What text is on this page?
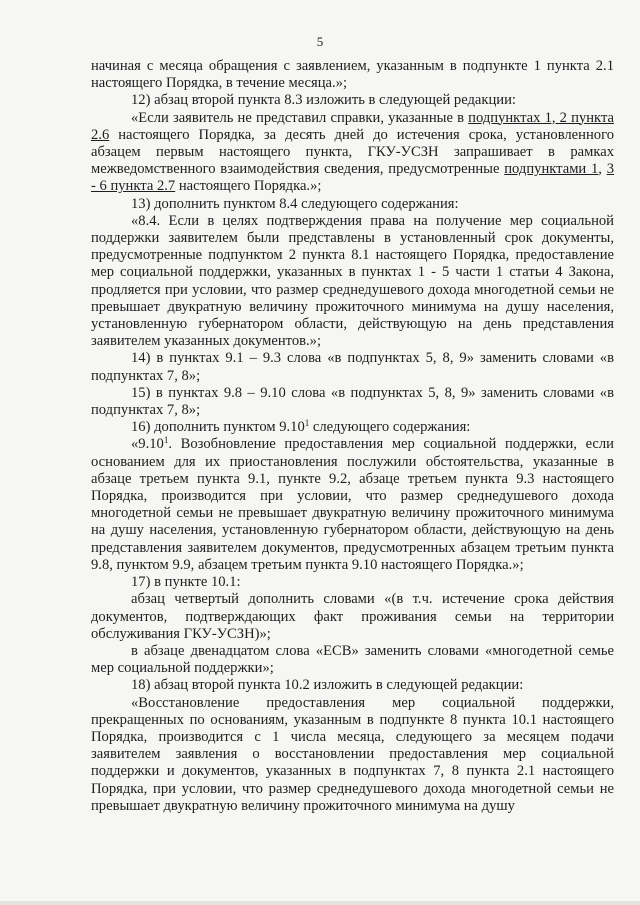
5

начиная с месяца обращения с заявлением, указанным в подпункте 1 пункта 2.1 настоящего Порядка, в течение месяца.»;

12) абзац второй пункта 8.3 изложить в следующей редакции:

«Если заявитель не представил справки, указанные в подпунктах 1, 2 пункта 2.6 настоящего Порядка, за десять дней до истечения срока, установленного абзацем первым настоящего пункта, ГКУ-УСЗН запрашивает в рамках межведомственного взаимодействия сведения, предусмотренные подпунктами 1, 3 - 6 пункта 2.7 настоящего Порядка.»;

13) дополнить пунктом 8.4 следующего содержания:

«8.4. Если в целях подтверждения права на получение мер социальной поддержки заявителем были представлены в установленный срок документы, предусмотренные подпунктом 2 пункта 8.1 настоящего Порядка, предоставление мер социальной поддержки, указанных в пунктах 1 - 5 части 1 статьи 4 Закона, продляется при условии, что размер среднедушевого дохода многодетной семьи не превышает двукратную величину прожиточного минимума на душу населения, установленную губернатором области, действующую на день представления заявителем указанных документов.»;

14) в пунктах 9.1 – 9.3 слова «в подпунктах 5, 8, 9» заменить словами «в подпунктах 7, 8»;

15) в пунктах 9.8 – 9.10 слова «в подпунктах 5, 8, 9» заменить словами «в подпунктах 7, 8»;

16) дополнить пунктом 9.10$^1$ следующего содержания:

«9.10$^1$. Возобновление предоставления мер социальной поддержки, если основанием для их приостановления послужили обстоятельства, указанные в абзаце третьем пункта 9.1, пункте 9.2, абзаце третьем пункта 9.3 настоящего Порядка, производится при условии, что размер среднедушевого дохода многодетной семьи не превышает двукратную величину прожиточного минимума на душу населения, установленную губернатором области, действующую на день представления заявителем документов, предусмотренных абзацем третьим пункта 9.8, пунктом 9.9, абзацем третьим пункта 9.10 настоящего Порядка.»;

17) в пункте 10.1:

абзац четвертый дополнить словами «(в т.ч. истечение срока действия документов, подтверждающих факт проживания семьи на территории обслуживания ГКУ-УСЗН)»;

в абзаце двенадцатом слова «ЕСВ» заменить словами «многодетной семье мер социальной поддержки»;

18) абзац второй пункта 10.2 изложить в следующей редакции:

«Восстановление предоставления мер социальной поддержки, прекращенных по основаниям, указанным в подпункте 8 пункта 10.1 настоящего Порядка, производится с 1 числа месяца, следующего за месяцем подачи заявителем заявления о восстановлении предоставления мер социальной поддержки и документов, указанных в подпунктах 7, 8 пункта 2.1 настоящего Порядка, при условии, что размер среднедушевого дохода многодетной семьи не превышает двукратную величину прожиточного минимума на душу
